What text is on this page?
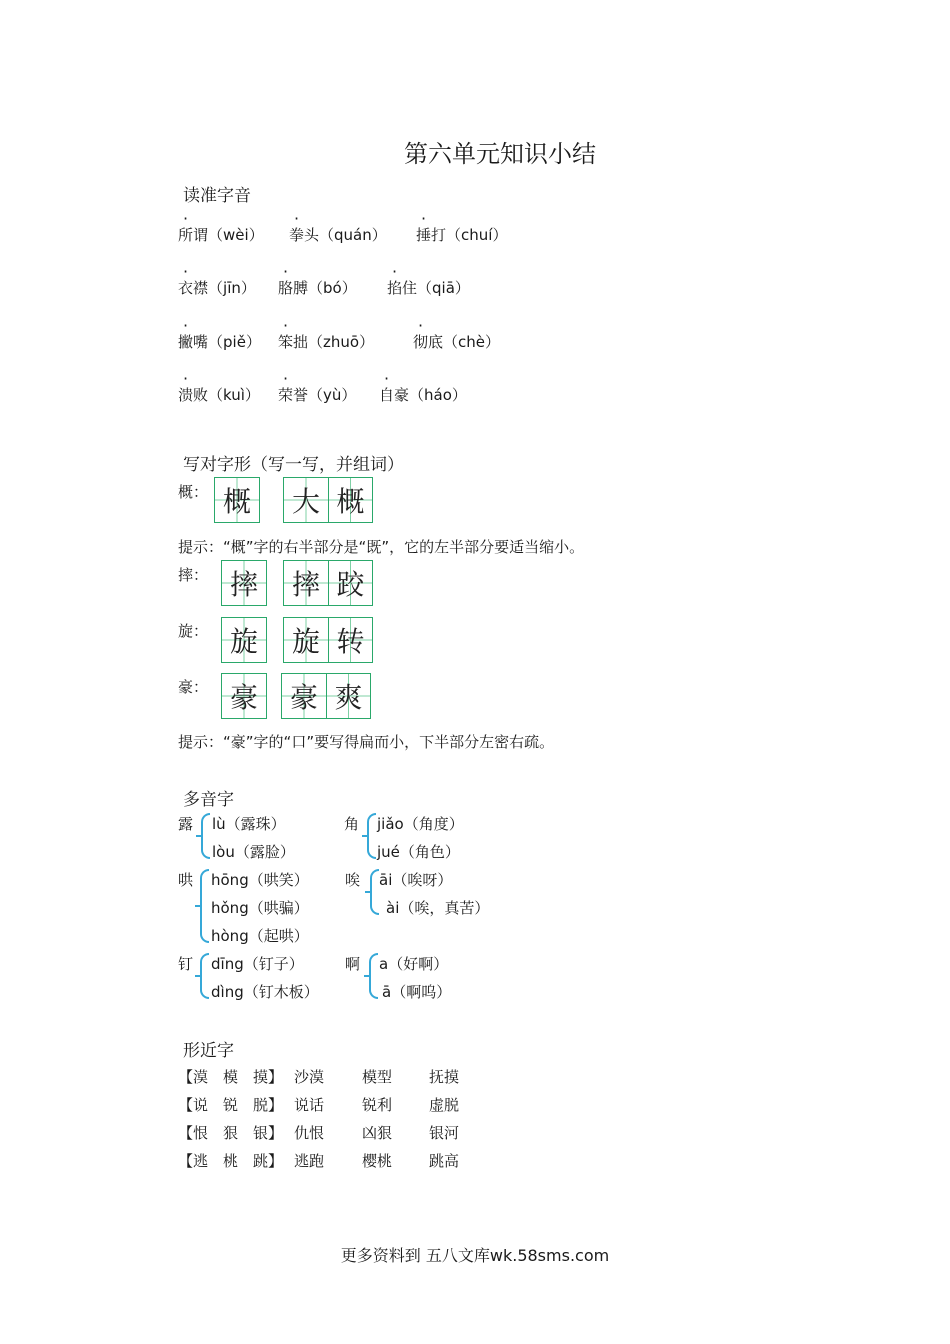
第六单元知识小结
读准字音
所谓（wèi） 拳头（quán） 捶打（chuí）
衣襟（jīn） 胳膊（bó） 掐住（qiā）
撇嘴（piě） 笨拙（zhuō）	彻底（chè）
溃败（kuì） 荣誉（yù） 自豪（háo）
写对字形（写一写，并组词）
概： 概 大 概
提示：“概”字的右半部分是“既”，它的左半部分要适当缩小。
摔： 摔 摔 跤
旋： 旋 旋 转
豪： 豪 豪 爽
提示：“豪”字的“口”要写得扁而小，下半部分左密右疏。
多音字
露 lù（露珠）
lòu（露脸）
角 jiǎo（角度）
jué（角色）
哄 hōng（哄笑）
hǒng（哄骗）
hòng（起哄）
唉 āi（唉呀）
ài（唉，真苦）
钉 dīng（钉子）
dìng（钉木板）
啊 a（好啊）
ā（啊呜）
形近字
【漠　模　摸】 沙漠	模型 抚摸
【说　锐　脱】 说话	锐利 虚脱
【恨　狠　银】 仇恨	凶狠 银河
【逃　桃　跳】 逃跑	樱桃 跳高
更多资料到 五八文库wk.58sms.com
